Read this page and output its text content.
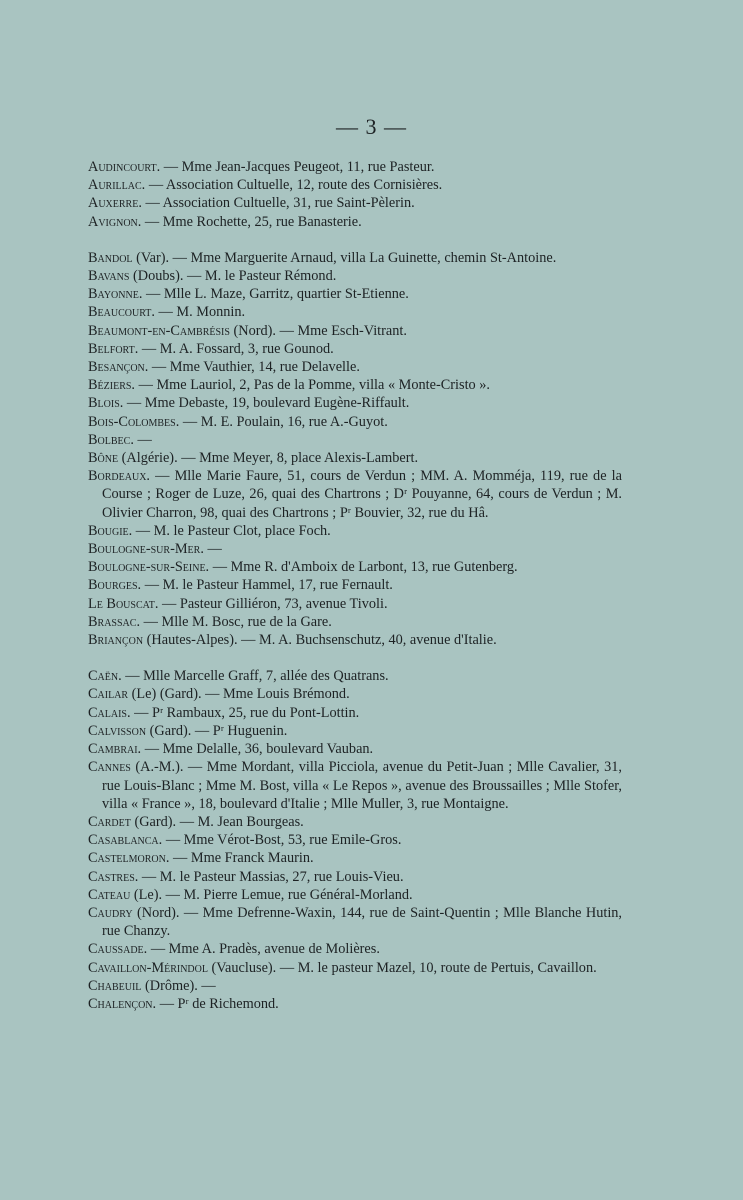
— 3 —

Audincourt. — Mme Jean-Jacques Peugeot, 11, rue Pasteur.

Aurillac. — Association Cultuelle, 12, route des Cornisières.

Auxerre. — Association Cultuelle, 31, rue Saint-Pèlerin.

Avignon. — Mme Rochette, 25, rue Banasterie.

Bandol (Var). — Mme Marguerite Arnaud, villa La Guinette, chemin St-Antoine.

Bavans (Doubs). — M. le Pasteur Rémond.

Bayonne. — Mlle L. Maze, Garritz, quartier St-Etienne.

Beaucourt. — M. Monnin.

Beaumont-en-Cambrésis (Nord). — Mme Esch-Vitrant.

Belfort. — M. A. Fossard, 3, rue Gounod.

Besançon. — Mme Vauthier, 14, rue Delavelle.

Béziers. — Mme Lauriol, 2, Pas de la Pomme, villa « Monte-Cristo ».

Blois. — Mme Debaste, 19, boulevard Eugène-Riffault.

Bois-Colombes. — M. E. Poulain, 16, rue A.-Guyot.

Bolbec. —

Bône (Algérie). — Mme Meyer, 8, place Alexis-Lambert.

Bordeaux. — Mlle Marie Faure, 51, cours de Verdun ; MM. A. Momméja, 119, rue de la Course ; Roger de Luze, 26, quai des Chartrons ; Dʳ Pouyanne, 64, cours de Verdun ; M. Olivier Charron, 98, quai des Chartrons ; Pʳ Bouvier, 32, rue du Hâ.

Bougie. — M. le Pasteur Clot, place Foch.

Boulogne-sur-Mer. —

Boulogne-sur-Seine. — Mme R. d'Amboix de Larbont, 13, rue Gutenberg.

Bourges. — M. le Pasteur Hammel, 17, rue Fernault.

Le Bouscat. — Pasteur Gilliéron, 73, avenue Tivoli.

Brassac. — Mlle M. Bosc, rue de la Gare.

Briançon (Hautes-Alpes). — M. A. Buchsenschutz, 40, avenue d'Italie.

Caën. — Mlle Marcelle Graff, 7, allée des Quatrans.

Cailar (Le) (Gard). — Mme Louis Brémond.

Calais. — Pʳ Rambaux, 25, rue du Pont-Lottin.

Calvisson (Gard). — Pʳ Huguenin.

Cambrai. — Mme Delalle, 36, boulevard Vauban.

Cannes (A.-M.). — Mme Mordant, villa Picciola, avenue du Petit-Juan ; Mlle Cavalier, 31, rue Louis-Blanc ; Mme M. Bost, villa « Le Repos », avenue des Broussailles ; Mlle Stofer, villa « France », 18, boulevard d'Italie ; Mlle Muller, 3, rue Montaigne.

Cardet (Gard). — M. Jean Bourgeas.

Casablanca. — Mme Vérot-Bost, 53, rue Emile-Gros.

Castelmoron. — Mme Franck Maurin.

Castres. — M. le Pasteur Massias, 27, rue Louis-Vieu.

Cateau (Le). — M. Pierre Lemue, rue Général-Morland.

Caudry (Nord). — Mme Defrenne-Waxin, 144, rue de Saint-Quentin ; Mlle Blanche Hutin, rue Chanzy.

Caussade. — Mme A. Pradès, avenue de Molières.

Cavaillon-Mérindol (Vaucluse). — M. le pasteur Mazel, 10, route de Pertuis, Cavaillon.

Chabeuil (Drôme). —

Chalençon. — Pʳ de Richemond.
